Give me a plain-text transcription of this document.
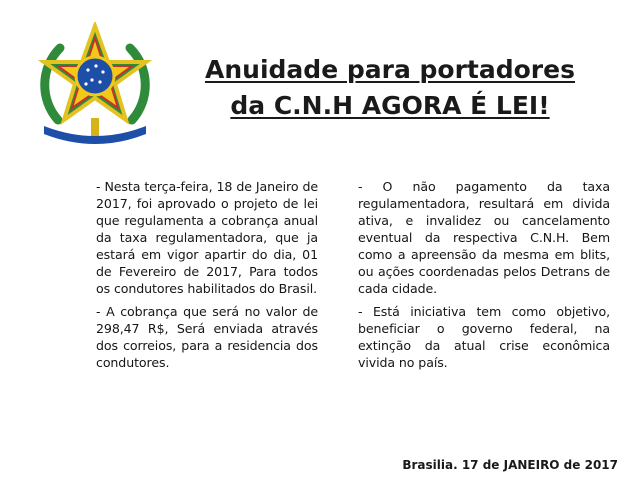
Anuidade para portadores
da C.N.H AGORA É LEI!

- Nesta terça-feira, 18 de Janeiro de 2017, foi aprovado o projeto de lei que regulamenta a cobrança anual da taxa regulamentadora, que ja estará em vigor apartir do dia, 01 de Fevereiro de 2017, Para todos os condutores habilitados do Brasil.

- A cobrança que será no valor de 298,47 R$, Será enviada através dos correios, para a residencia dos condutores.

- O não pagamento da taxa regulamentadora, resultará em divida ativa, e invalidez ou cancelamento eventual da respectiva C.N.H. Bem como a apreensão da mesma em blits, ou ações coordenadas pelos Detrans de cada cidade.

- Está iniciativa tem como objetivo, beneficiar o governo federal, na extinção da atual crise econômica vivida no país.

Brasilia. 17 de JANEIRO de 2017
